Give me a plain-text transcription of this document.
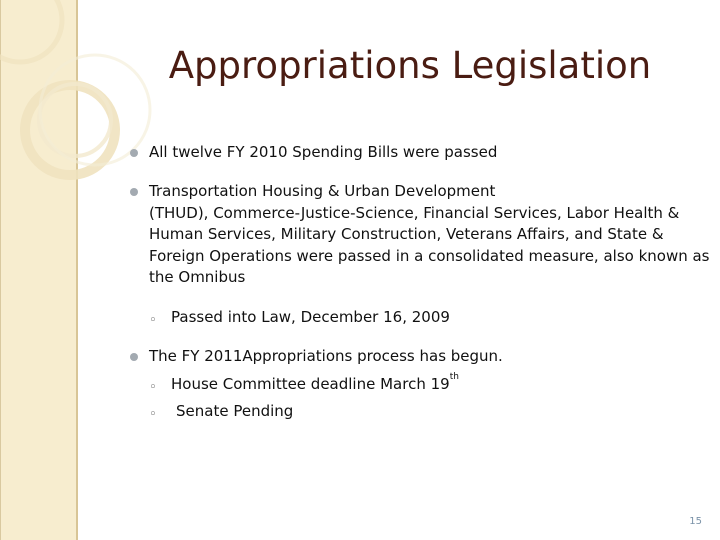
Appropriations Legislation
All twelve FY 2010 Spending Bills were passed
Transportation Housing & Urban Development
(THUD), Commerce-Justice-Science, Financial Services, Labor Health &
Human Services, Military Construction, Veterans Affairs, and State &
Foreign Operations were passed in a consolidated measure, also known as
the Omnibus
◦ Passed into Law, December 16, 2009
The FY 2011Appropriations process has begun.
◦ House Committee deadline March 19th
◦ Senate Pending
15
